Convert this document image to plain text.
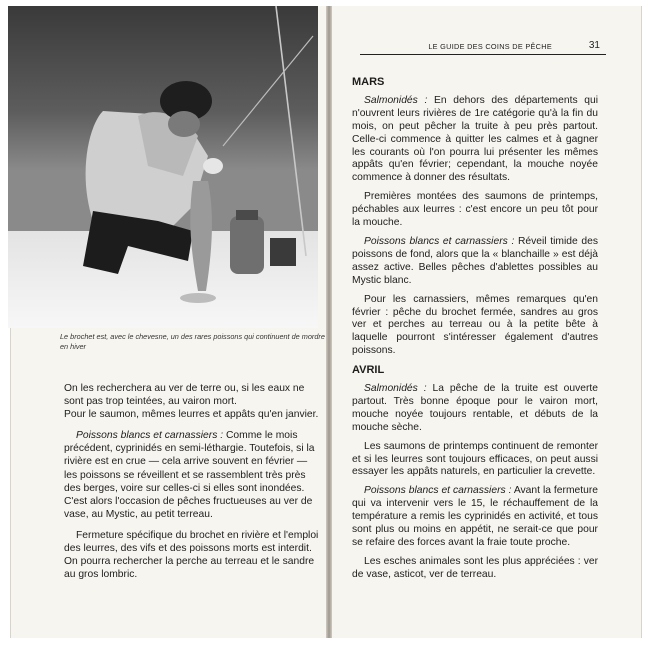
Le brochet est, avec le chevesne, un des rares poissons qui continuent de mordre en hiver

On les recherchera au ver de terre ou, si les eaux ne sont pas trop teintées, au vairon mort.

Pour le saumon, mêmes leurres et appâts qu'en janvier.

Poissons blancs et carnassiers : Comme le mois précédent, cyprinidés en semi-léthargie. Toutefois, si la rivière est en crue — cela arrive souvent en février — les poissons se réveillent et se rassemblent très près des berges, voire sur celles-ci si elles sont inondées. C'est alors l'occasion de pêches fructueuses au ver de vase, au Mystic, au petit terreau.

Fermeture spécifique du brochet en rivière et l'emploi des leurres, des vifs et des poissons morts est interdit. On pourra rechercher la perche au terreau et le sandre au gros lombric.

LE GUIDE DES COINS DE PÊCHE	31
MARS

Salmonidés : En dehors des départements qui n'ouvrent leurs rivières de 1re catégorie qu'à la fin du mois, on peut pêcher la truite à peu près partout. Celle-ci commence à quitter les calmes et à gagner les courants où l'on pourra lui présenter les mêmes appâts qu'en février; cependant, la mouche noyée commence à donner des résultats.

Premières montées des saumons de printemps, péchables aux leurres : c'est encore un peu tôt pour la mouche.

Poissons blancs et carnassiers : Réveil timide des poissons de fond, alors que la « blanchaille » est déjà assez active. Belles pêches d'ablettes possibles au Mystic blanc.

Pour les carnassiers, mêmes remarques qu'en février : pêche du brochet fermée, sandres au gros ver et perches au terreau ou à la petite bête à laquelle pourront s'intéresser également d'autres poissons.

AVRIL

Salmonidés : La pêche de la truite est ouverte partout. Très bonne époque pour le vairon mort, mouche noyée toujours rentable, et débuts de la mouche sèche.

Les saumons de printemps continuent de remonter et si les leurres sont toujours efficaces, on peut aussi essayer les appâts naturels, en particulier la crevette.

Poissons blancs et carnassiers : Avant la fermeture qui va intervenir vers le 15, le réchauffement de la température a remis les cyprinidés en activité, et tous sont plus ou moins en appétit, ne serait-ce que pour se refaire des forces avant la fraie toute proche.

Les esches animales sont les plus appréciées : ver de vase, asticot, ver de terreau.
